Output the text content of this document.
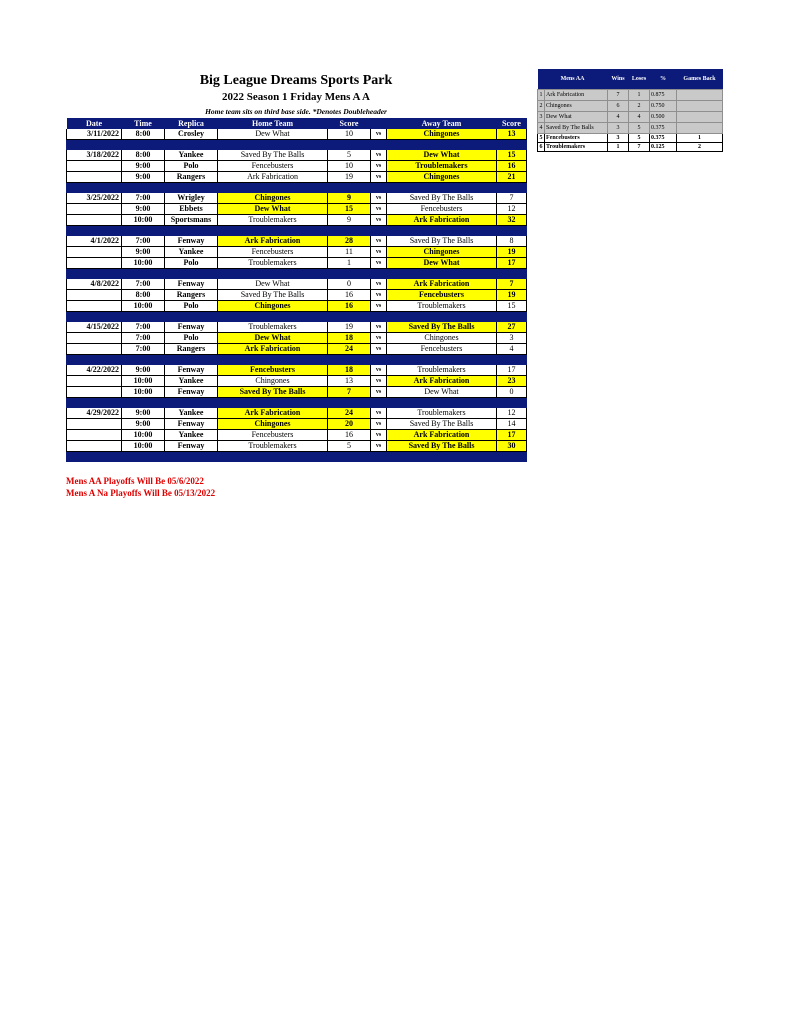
Big League Dreams Sports Park
2022 Season 1 Friday Mens A A
Home team sits on third base side. *Denotes Doubleheader
Date	Time	Replica	Home Team	Score		Away Team	Score
3/11/2022	8:00	Crosley	Dew What	10	vs	Chingones	13

3/18/2022	8:00	Yankee	Saved By The Balls	5	vs	Dew What	15
	9:00	Polo	Fencebusters	10	vs	Troublemakers	16
	9:00	Rangers	Ark Fabrication	19	vs	Chingones	21

3/25/2022	7:00	Wrigley	Chingones	9	vs	Saved By The Balls	7
	9:00	Ebbets	Dew What	15	vs	Fencebusters	12
	10:00	Sportsmans	Troublemakers	9	vs	Ark Fabrication	32

4/1/2022	7:00	Fenway	Ark Fabrication	28	vs	Saved By The Balls	8
	9:00	Yankee	Fencebusters	11	vs	Chingones	19
	10:00	Polo	Troublemakers	1	vs	Dew What	17

4/8/2022	7:00	Fenway	Dew What	0	vs	Ark Fabrication	7
	8:00	Rangers	Saved By The Balls	16	vs	Fencebusters	19
	10:00	Polo	Chingones	16	vs	Troublemakers	15

4/15/2022	7:00	Fenway	Troublemakers	19	vs	Saved By The Balls	27
	7:00	Polo	Dew What	18	vs	Chingones	3
	7:00	Rangers	Ark Fabrication	24	vs	Fencebusters	4

4/22/2022	9:00	Fenway	Fencebusters	18	vs	Troublemakers	17
	10:00	Yankee	Chingones	13	vs	Ark Fabrication	23
	10:00	Fenway	Saved By The Balls	7	vs	Dew What	0

4/29/2022	9:00	Yankee	Ark Fabrication	24	vs	Troublemakers	12
	9:00	Fenway	Chingones	20	vs	Saved By The Balls	14
	10:00	Yankee	Fencebusters	16	vs	Ark Fabrication	17
	10:00	Fenway	Troublemakers	5	vs	Saved By The Balls	30

Mens AA		Wins	Loses	%	Games Back
1	Ark Fabrication	7	1	0.875	
2	Chingones	6	2	0.750	
3	Dew What	4	4	0.500	
4	Saved By The Balls	3	5	0.375	
5	Fencebusters	3	5	0.375	1
6	Troublemakers	1	7	0.125	2
Mens AA Playoffs Will Be 05/6/2022
Mens A Na Playoffs Will Be 05/13/2022
